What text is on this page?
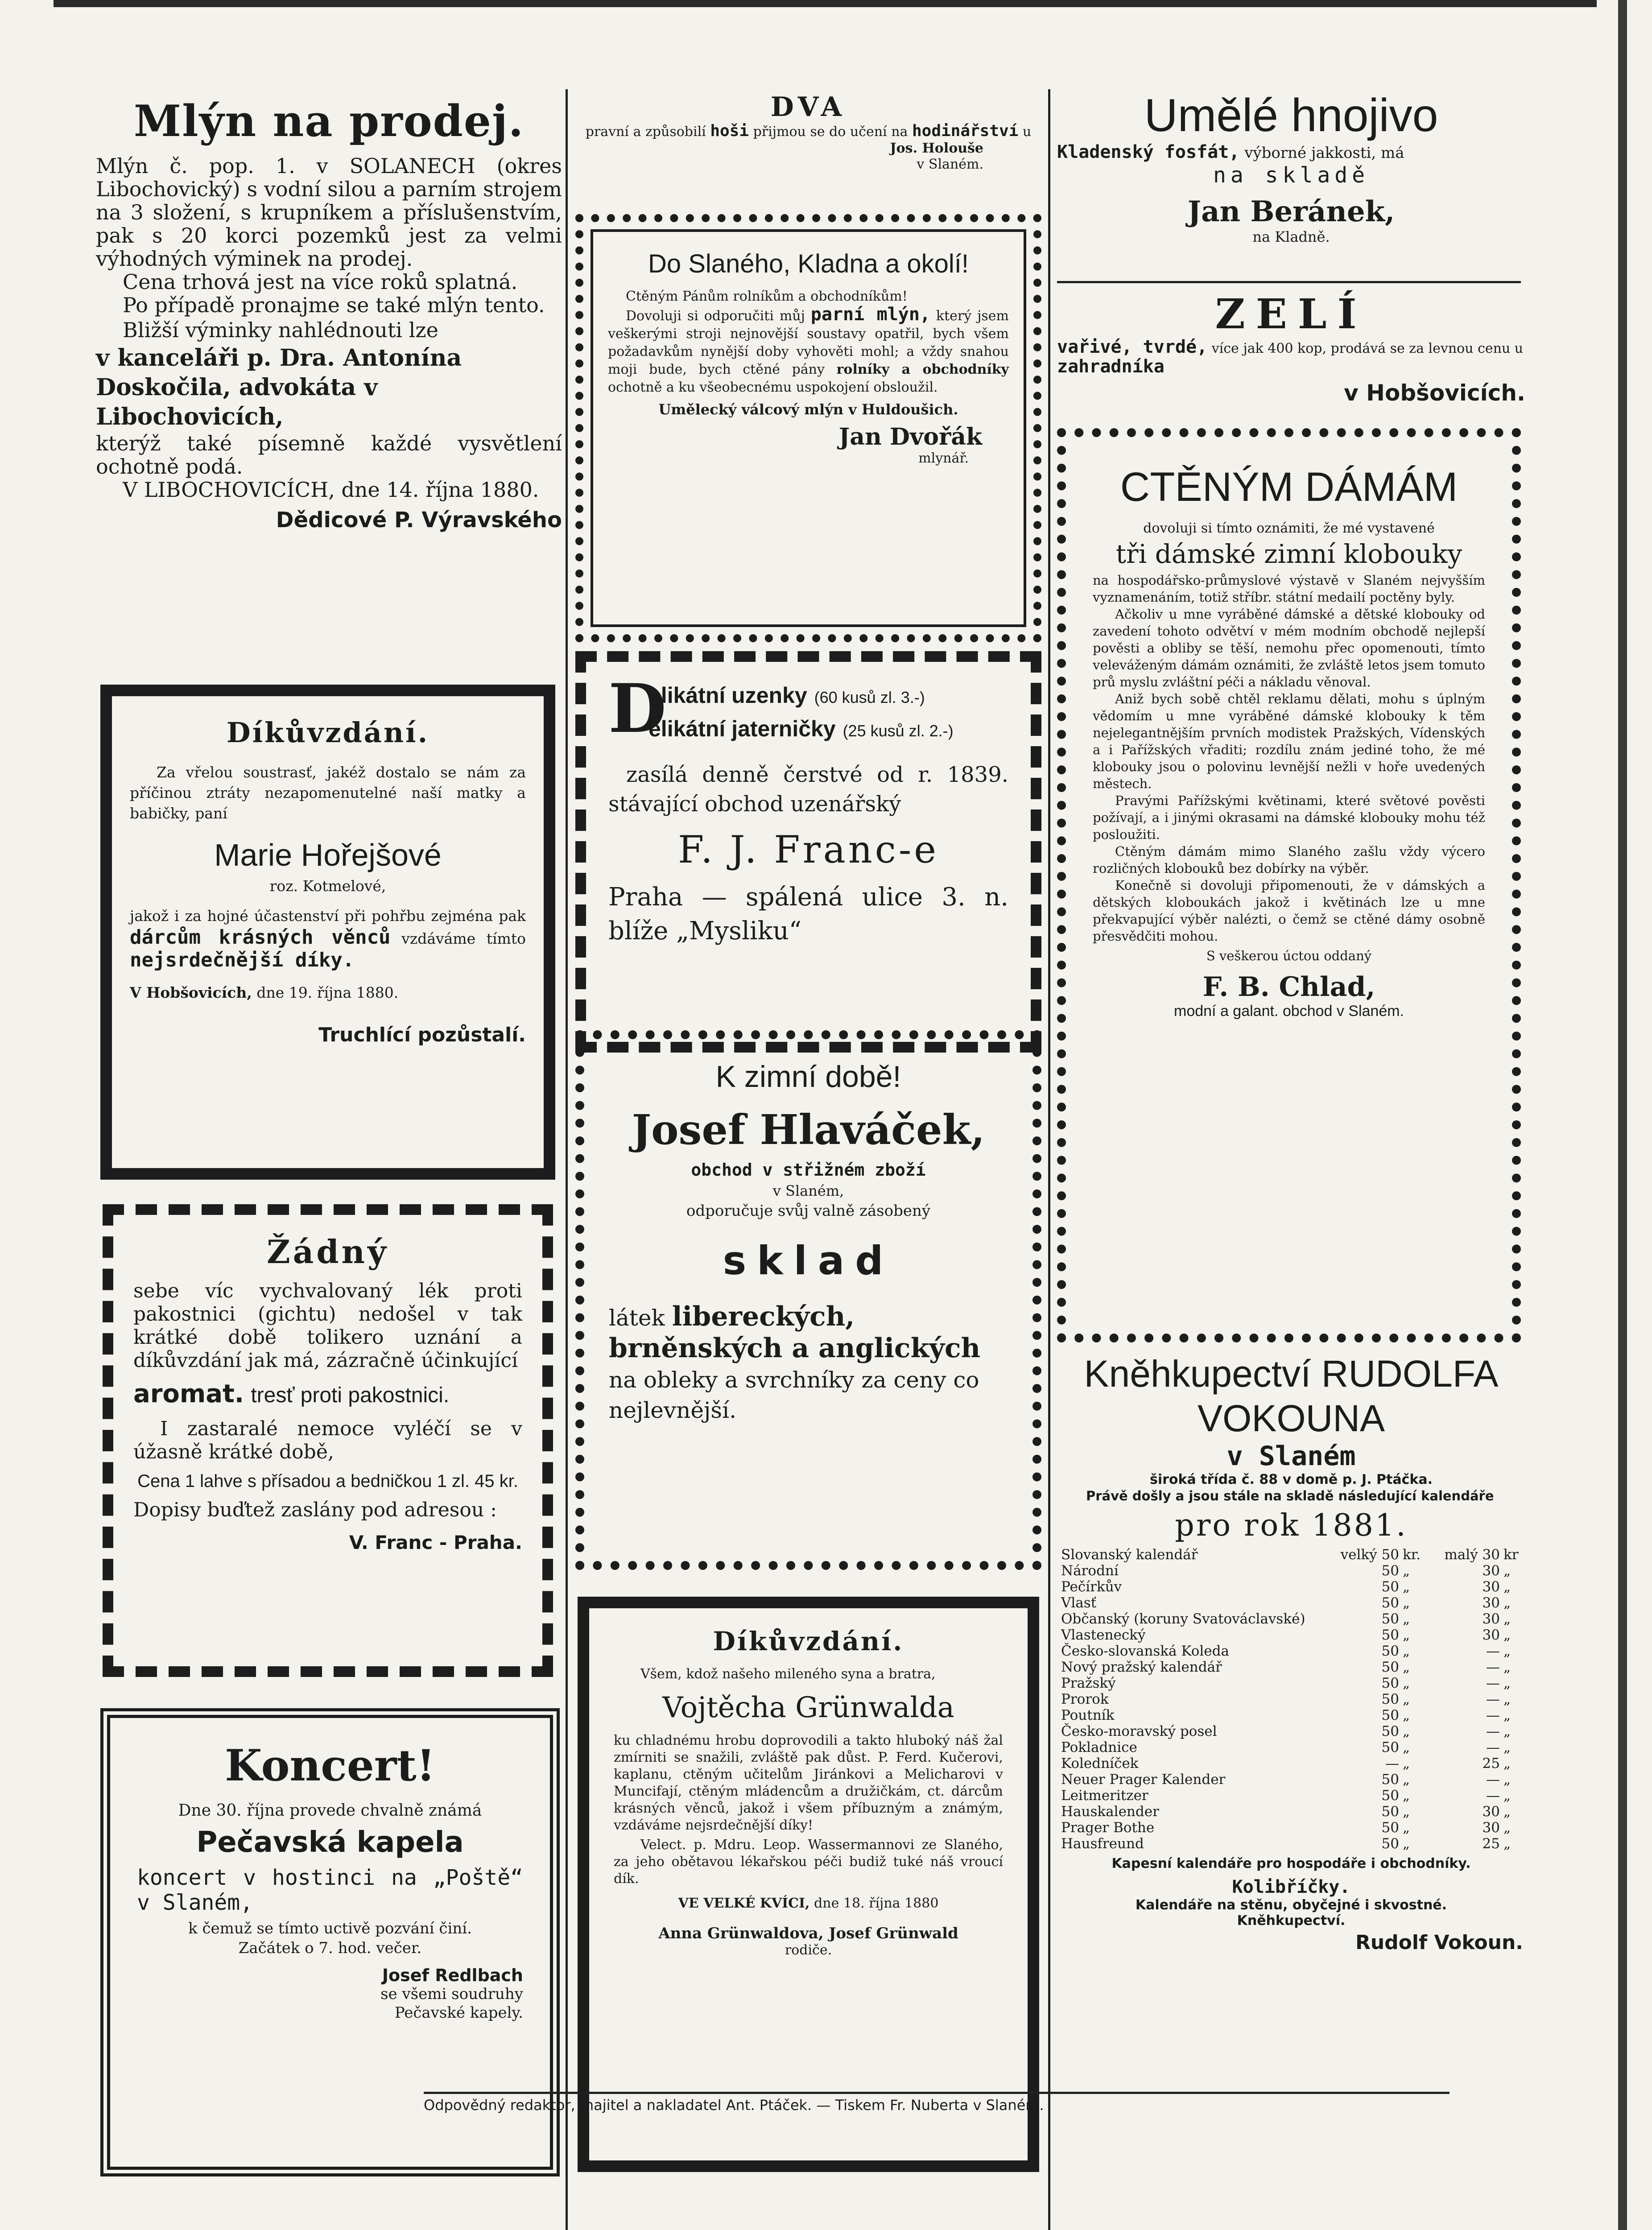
Mlýn na prodej.
Mlýn č. pop. 1. v SOLANECH (okres Libochovický) s vodní silou a parním strojem na 3 složení, s krupníkem a příslušenstvím, pak s 20 korci pozemků jest za velmi výhodných výminek na prodej.
Cena trhová jest na více roků splatná.
Po případě pronajme se také mlýn tento.
Bližší výminky nahlédnouti lze
v kanceláři p. Dra. Antonína Doskočila, advokáta v Libochovicích,
kterýž také písemně každé vysvětlení ochotně podá.
V LIBOCHOVICÍCH, dne 14. října 1880.
Dědicové P. Výravského
Díkůvzdání.
Za vřelou soustrasť, jakéž dostalo se nám za příčinou ztráty nezapomenutelné naší matky a babičky, paní
Marie Hořejšové
roz. Kotmelové,
jakož i za hojné účastenství při pohřbu zejména pak dárcům krásných věnců vzdáváme tímto nejsrdečnější díky.
V Hobšovicích, dne 19. října 1880.
Truchlící pozůstalí.
Žádný
sebe víc vychvalovaný lék proti pakostnici (gichtu) nedošel v tak krátké době tolikero uznání a díkůvzdání jak má, zázračně účinkující
aromat. tresť proti pakostnici.
I zastaralé nemoce vyléčí se v úžasně krátké době,
Cena 1 lahve s přísadou a bedničkou 1 zl. 45 kr.
Dopisy buďtež zaslány pod adresou :
V. Franc - Praha.
Koncert!
Dne 30. října provede chvalně známá
Pečavská kapela
koncert v hostinci na „Poště“ v Slaném,
k čemuž se tímto uctivě pozvání činí.
Začátek o 7. hod. večer.
Josef Redlbach
se všemi soudruhy
Pečavské kapely.
DVA
pravní a způsobilí hoši přijmou se do učení na hodinářství u
Jos. Holouše
v Slaném.
Do Slaného, Kladna a okolí!
Ctěným Pánům rolníkům a obchodníkům!
Dovoluji si odporučiti můj parní mlýn, který jsem veškerými stroji nejnovější soustavy opatřil, bych všem požadavkům nynější doby vyhověti mohl; a vždy snahou moji bude, bych ctěné pány rolníky a obchodníky ochotně a ku všeobecnému uspokojení obsloužil.
Umělecký válcový mlýn v Huldoušich.
Jan Dvořák
mlynář.
D
elikátní uzenky (60 kusů zl. 3.-)
elikátní jaterničky (25 kusů zl. 2.-)
zasílá denně čerstvé od r. 1839. stávající obchod uzenářský
F. J. Franc-e
Praha — spálená ulice 3. n. blíže „Mysliku“
K zimní době!
Josef Hlaváček,
obchod v střižném zboží
v Slaném,
odporučuje svůj valně zásobený
sklad
látek libereckých, brněnských a anglických na obleky a svrchníky za ceny co nejlevnější.
Díkůvzdání.
Všem, kdož našeho mileného syna a bratra,
Vojtěcha Grünwalda
ku chladnému hrobu doprovodili a takto hluboký náš žal zmírniti se snažili, zvláště pak důst. P. Ferd. Kučerovi, kaplanu, ctěným učitelům Jiránkovi a Melicharovi v Muncifají, ctěným mládencům a družičkám, ct. dárcům krásných věnců, jakož i všem příbuzným a známým, vzdáváme nejsrdečnější díky!
Velect. p. Mdru. Leop. Wassermannovi ze Slaného, za jeho obětavou lékařskou péči budiž tuké náš vroucí dík.
VE VELKÉ KVÍCI, dne 18. října 1880
Anna Grünwaldova, Josef Grünwald
rodiče.
Umělé hnojivo
Kladenský fosfát, výborné jakkosti, má
na skladě
Jan Beránek,
na Kladně.
ZELÍ
vařivé, tvrdé, více jak 400 kop, prodává se za levnou cenu u zahradníka
v Hobšovicích.
CTĚNÝM DÁMÁM
dovoluji si tímto oznámiti, že mé vystavené
tři dámské zimní klobouky
na hospodářsko-průmyslové výstavě v Slaném nejvyšším vyznamenáním, totiž stříbr. státní medailí poctěny byly.
Ačkoliv u mne vyráběné dámské a dětské klobouky od zavedení tohoto odvětví v mém modním obchodě nejlepší pověsti a obliby se těší, nemohu přec opomenouti, tímto veleváženým dámám oznámiti, že zvláště letos jsem tomuto prů myslu zvláštní péči a nákladu věnoval.
Aniž bych sobě chtěl reklamu dělati, mohu s úplným vědomím u mne vyráběné dámské klobouky k těm nejelegantnějším prvních modistek Pražských, Vídenských a i Pařížských vřaditi; rozdílu znám jediné toho, že mé klobouky jsou o polovinu levnější nežli v hoře uvedených městech.
Pravými Pařížskými květinami, které světové pověsti požívají, a i jinými okrasami na dámské klobouky mohu též posloužiti.
Ctěným dámám mimo Slaného zašlu vždy výcero rozličných klobouků bez dobírky na výběr.
Konečně si dovoluji připomenouti, že v dámských a dětských kloboukách jakož i květinách lze u mne překvapující výběr nalézti, o čemž se ctěné dámy osobně přesvědčiti mohou.
S veškerou úctou oddaný
F. B. Chlad,
modní a galant. obchod v Slaném.
Kněhkupectví RUDOLFA VOKOUNA
v Slaném
široká třída č. 88 v domě p. J. Ptáčka.
Právě došly a jsou stále na skladě následující kalendáře
pro rok 1881.
Slovanský kalendář	velký 50	kr.	malý 30	kr
Národní	50	„	30	„
Pečírkův	50	„	30	„
Vlasť	50	„	30	„
Občanský (koruny Svatováclavské)	50	„	30	„
Vlastenecký	50	„	30	„
Česko-slovanská Koleda	50	„	—	„
Nový pražský kalendář	50	„	—	„
Pražský	50	„	—	„
Prorok	50	„	—	„
Poutník	50	„	—	„
Česko-moravský posel	50	„	—	„
Pokladnice	50	„	—	„
Koledníček	—	„	25	„
Neuer Prager Kalender	50	„	—	„
Leitmeritzer	50	„	—	„
Hauskalender	50	„	30	„
Prager Bothe	50	„	30	„
Hausfreund	50	„	25	„
Kapesní kalendáře pro hospodáře i obchodníky.
Kolibříčky.
Kalendáře na stěnu, obyčejné i skvostné.
Kněhkupectví.
Rudolf Vokoun.
Odpovědný redaktor, majitel a nakladatel Ant. Ptáček. — Tiskem Fr. Nuberta v Slaném.
